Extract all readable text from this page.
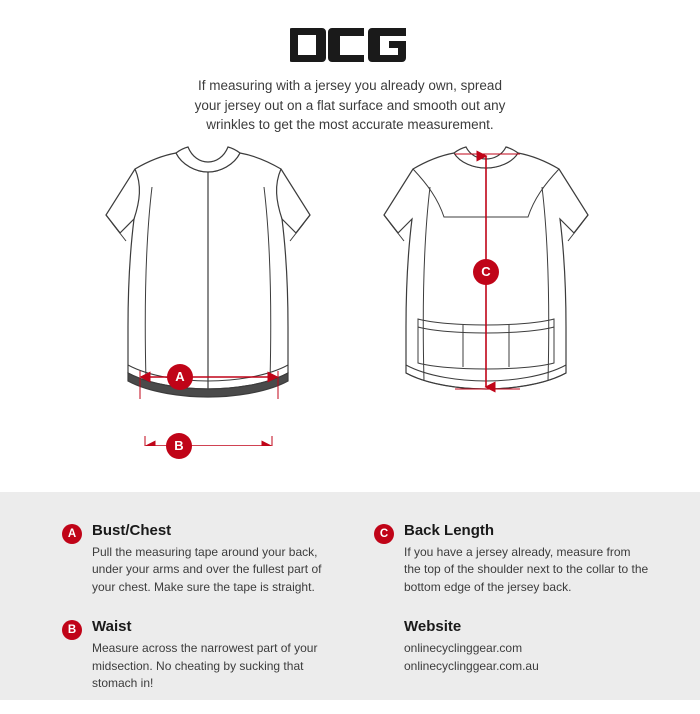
If measuring with a jersey you already own, spread your jersey out on a flat surface and smooth out any wrinkles to get the most accurate measurement.

A
B
C
A	Bust/Chest

Pull the measuring tape around your back, under your arms and over the fullest part of your chest. Make sure the tape is straight.

B	Waist

Measure across the narrowest part of your midsection. No cheating by sucking that stomach in!

C	Back Length

If you have a jersey already, measure from the top of the shoulder next to the collar to the bottom edge of the jersey back.

Website

onlinecyclinggear.com
onlinecyclinggear.com.au
